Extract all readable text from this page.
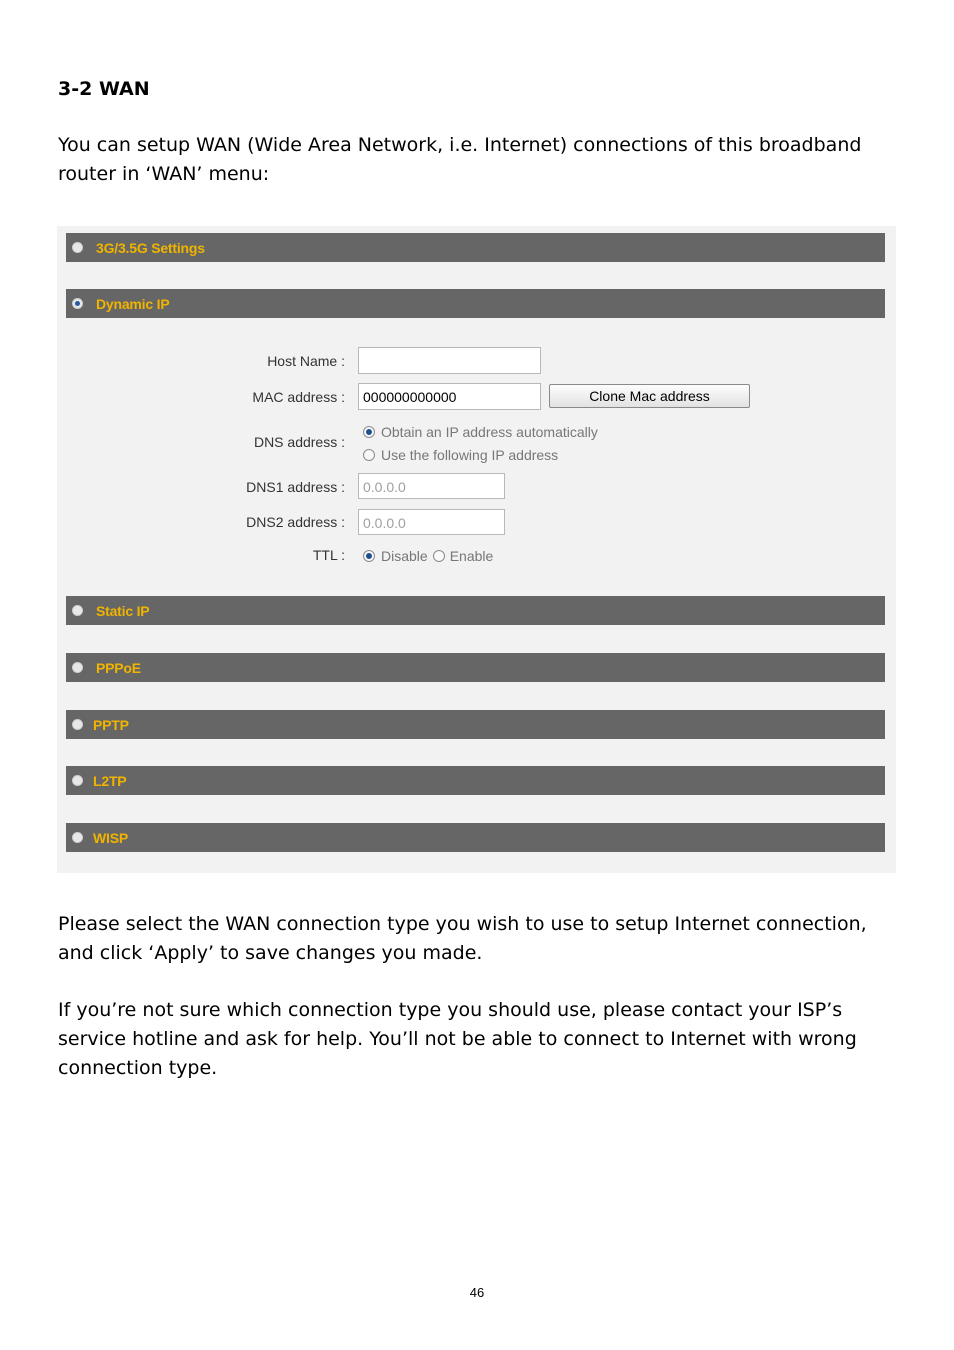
3-2 WAN

You can setup WAN (Wide Area Network, i.e. Internet) connections of this broadband router in ‘WAN’ menu:

3G/3.5G Settings
Dynamic IP
Host Name :
MAC address :	000000000000	Clone Mac address
DNS address :
Obtain an IP address automatically
Use the following IP address
DNS1 address :	0.0.0.0
DNS2 address :	0.0.0.0
TTL :	Disable Enable
Static IP
PPPoE
PPTP
L2TP
WISP

Please select the WAN connection type you wish to use to setup Internet connection, and click ‘Apply’ to save changes you made.

If you’re not sure which connection type you should use, please contact your ISP’s service hotline and ask for help. You’ll not be able to connect to Internet with wrong connection type.

46
